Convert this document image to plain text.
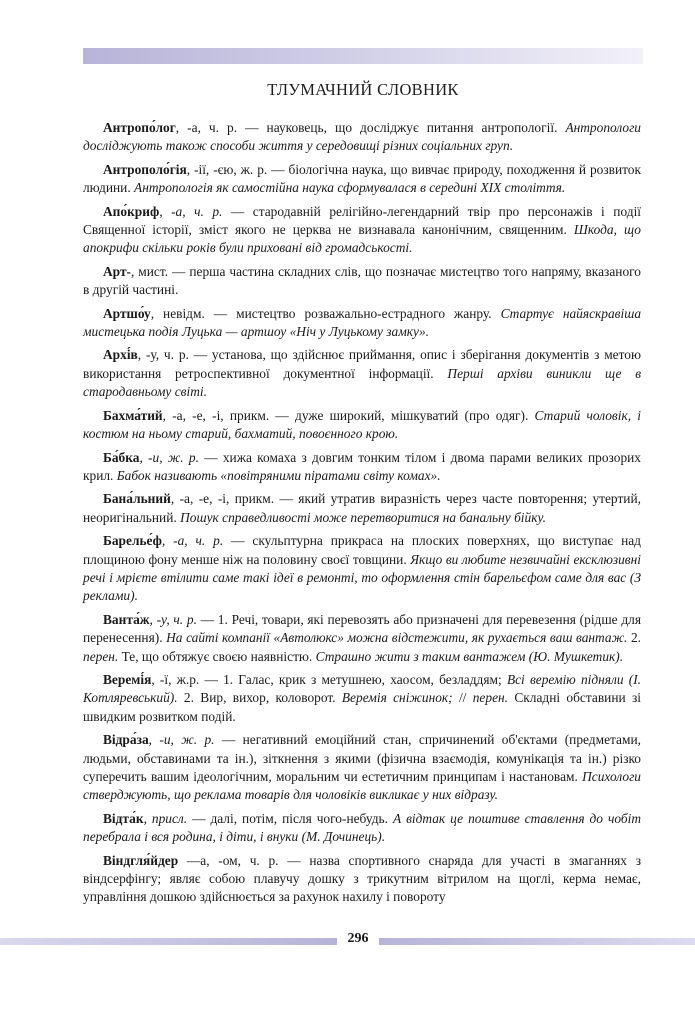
ТЛУМАЧНИЙ СЛОВНИК

Антропо́лог, -а, ч. р. — науковець, що досліджує питання антропології. Антропологи досліджують також способи життя у середовищі різних соціальних груп.

Антрополо́гія, -ії, -єю, ж. р. — біологічна наука, що вивчає природу, походження й розвиток людини. Антропологія як самостійна наука сформувалася в середині XIX століття.

Апо́криф, -а, ч. р. — стародавній релігійно-легендарний твір про персонажів і події Священної історії, зміст якого не церква не визнавала канонічним, священним. Шкода, що апокрифи скільки років були приховані від громадськості.

Арт-, мист. — перша частина складних слів, що позначає мистецтво того напряму, вказаного в другій частині.

Артшо́у, невідм. — мистецтво розважально-естрадного жанру. Стартує найяскравіша мистецька подія Луцька — артшоу «Ніч у Луцькому замку».

Архі́в, -у, ч. р. — установа, що здійснює приймання, опис і зберігання документів з метою використання ретроспективної документної інформації. Перші архіви виникли ще в стародавньому світі.

Бахма́тий, -а, -е, -і, прикм. — дуже широкий, мішкуватий (про одяг). Старий чоловік, і костюм на ньому старий, бахматий, повоєнного крою.

Ба́бка, -и, ж. р. — хижа комаха з довгим тонким тілом і двома парами великих прозорих крил. Бабок називають «повітряними піратами світу комах».

Бана́льний, -а, -е, -і, прикм. — який утратив виразність через часте повторення; утертий, неоригінальний. Пошук справедливості може перетворитися на банальну бійку.

Барелье́ф, -а, ч. р. — скульптурна прикраса на плоских поверхнях, що виступає над площиною фону менше ніж на половину своєї товщини. Якщо ви любите незвичайні ексклюзивні речі і мрієте втілити саме такі ідеї в ремонті, то оформлення стін барельєфом саме для вас (З реклами).

Ванта́ж, -у, ч. р. — 1. Речі, товари, які перевозять або призначені для перевезення (рідше для перенесення). На сайті компанії «Автолюкс» можна відстежити, як рухається ваш вантаж. 2. перен. Те, що обтяжує своєю наявністю. Страшно жити з таким вантажем (Ю. Мушкетик).

Веремі́я, -ї, ж.р. — 1. Галас, крик з метушнею, хаосом, безладдям; Всі веремію підняли (І. Котляревський). 2. Вир, вихор, коловорот. Веремія сніжинок; // перен. Складні обставини зі швидким розвитком подій.

Відра́за, -и, ж. р. — негативний емоційний стан, спричинений об'єктами (предметами, людьми, обставинами та ін.), зіткнення з якими (фізична взаємодія, комунікація та ін.) різко суперечить вашим ідеологічним, моральним чи естетичним принципам і настановам. Психологи стверджують, що реклама товарів для чоловіків викликає у них відразу.

Відта́к, присл. — далі, потім, після чого-небудь. А відтак це поштиве ставлення до чобіт перебрала і вся родина, і діти, і внуки (М. Дочинець).

Віндгля́йдер —а, -ом, ч. р. — назва спортивного снаряда для участі в змаганнях з віндсерфінгу; являє собою плавучу дошку з трикутним вітрилом на щоглі, керма немає, управління дошкою здійснюється за рахунок нахилу і повороту

296
